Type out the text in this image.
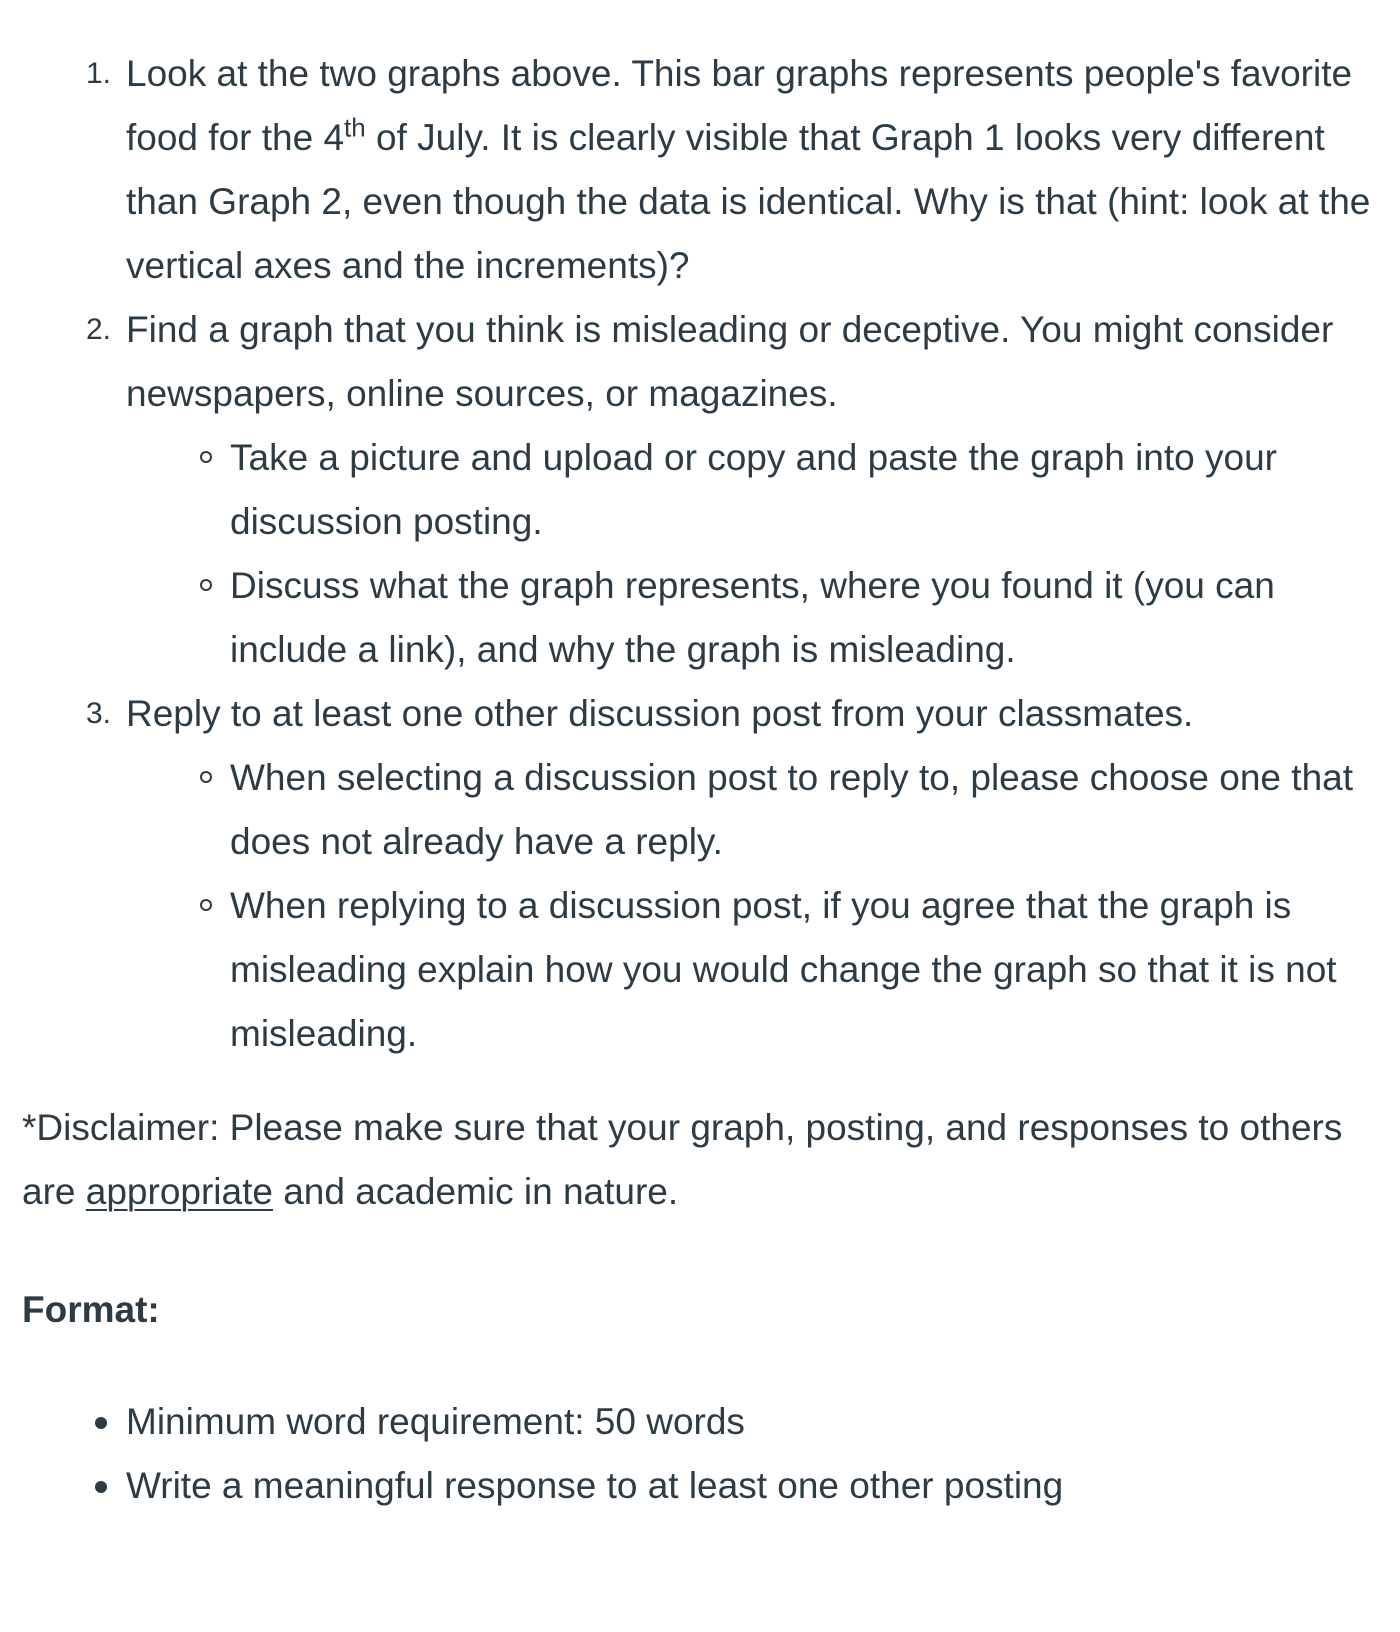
1. Look at the two graphs above. This bar graphs represents people's favorite food for the 4th of July. It is clearly visible that Graph 1 looks very different than Graph 2, even though the data is identical. Why is that (hint: look at the vertical axes and the increments)?
2. Find a graph that you think is misleading or deceptive. You might consider newspapers, online sources, or magazines.
Take a picture and upload or copy and paste the graph into your discussion posting.
Discuss what the graph represents, where you found it (you can include a link), and why the graph is misleading.
3. Reply to at least one other discussion post from your classmates.
When selecting a discussion post to reply to, please choose one that does not already have a reply.
When replying to a discussion post, if you agree that the graph is misleading explain how you would change the graph so that it is not misleading.
*Disclaimer: Please make sure that your graph, posting, and responses to others are appropriate and academic in nature.
Format:
Minimum word requirement: 50 words
Write a meaningful response to at least one other posting
